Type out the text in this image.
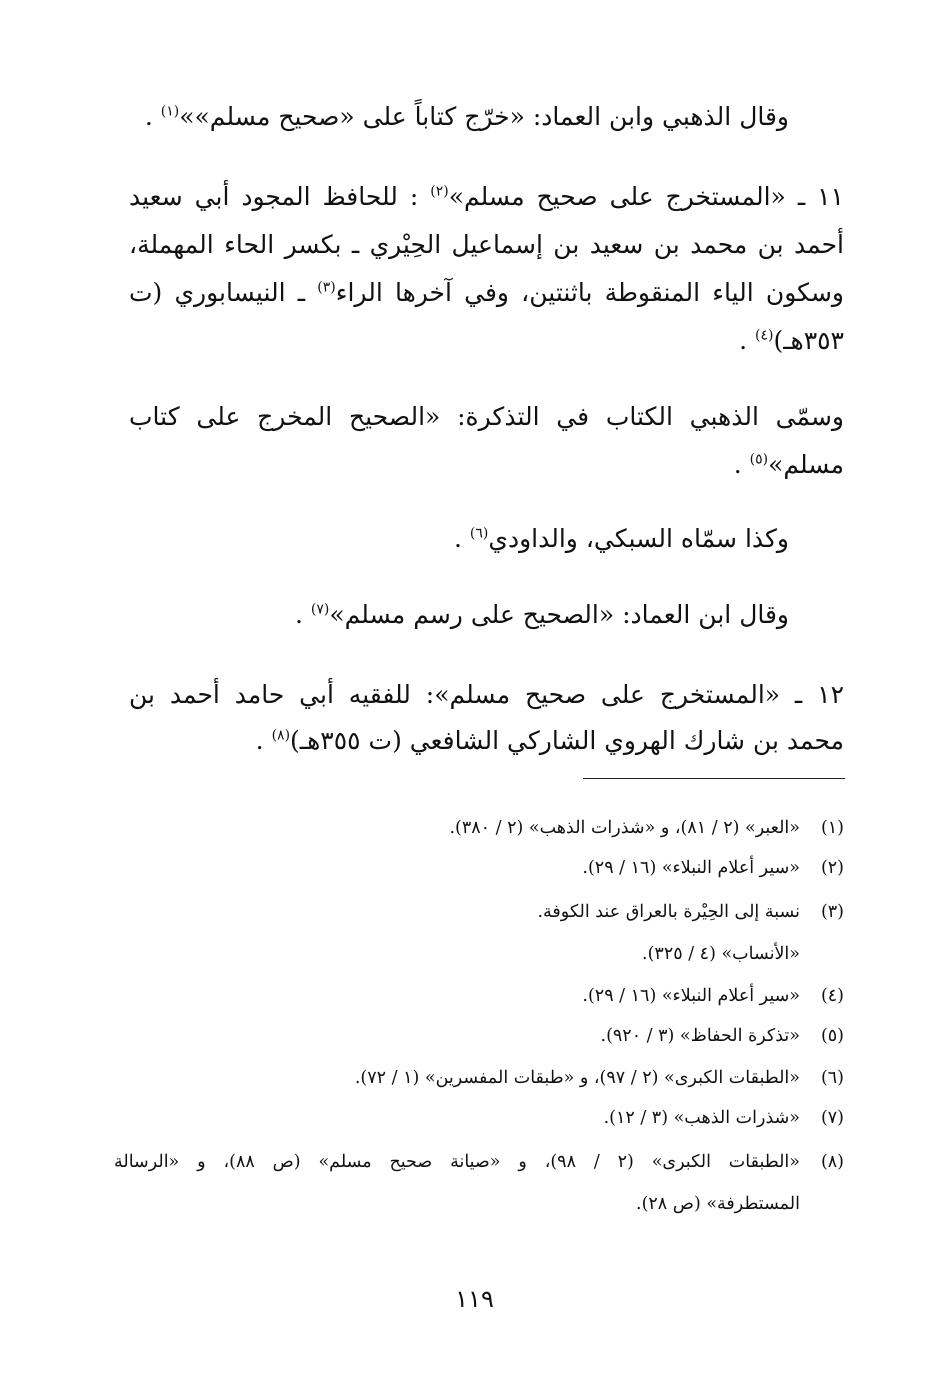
وقال الذهبي وابن العماد: «خرّج كتاباً على «صحيح مسلم»»$^{(١)}$ .

١١ ـ «المستخرج على صحيح مسلم»$^{(٢)}$ : للحافظ المجود أبي سعيد

أحمد بن محمد بن سعيد بن إسماعيل الحِيْري ـ بكسر الحاء المهملة،

وسكون الياء المنقوطة باثنتين، وفي آخرها الراء$^{(٣)}$ ـ النيسابوري (ت

٣٥٣هـ)$^{(٤)}$ .

وسمّى الذهبي الكتاب في التذكرة: «الصحيح المخرج على كتاب

مسلم»$^{(٥)}$ .

وكذا سمّاه السبكي، والداودي$^{(٦)}$ .

وقال ابن العماد: «الصحيح على رسم مسلم»$^{(٧)}$ .

١٢ ـ «المستخرج على صحيح مسلم»: للفقيه أبي حامد أحمد بن

محمد بن شارك الهروي الشاركي الشافعي (ت ٣٥٥هـ)$^{(٨)}$ .

(١)«العبر» (٢ / ٨١)، و «شذرات الذهب» (٢ / ٣٨٠).

(٢)«سير أعلام النبلاء» (١٦ / ٢٩).

(٣)نسبة إلى الحِيْرة بالعراق عند الكوفة.

«الأنساب» (٤ / ٣٢٥).

(٤)«سير أعلام النبلاء» (١٦ / ٢٩).

(٥)«تذكرة الحفاظ» (٣ / ٩٢٠).

(٦)«الطبقات الكبرى» (٢ / ٩٧)، و «طبقات المفسرين» (١ / ٧٢).

(٧)«شذرات الذهب» (٣ / ١٢).

(٨)«الطبقات الكبرى» (٢ / ٩٨)، و «صيانة صحيح مسلم» (ص ٨٨)، و «الرسالة

المستطرفة» (ص ٢٨).

١١٩
